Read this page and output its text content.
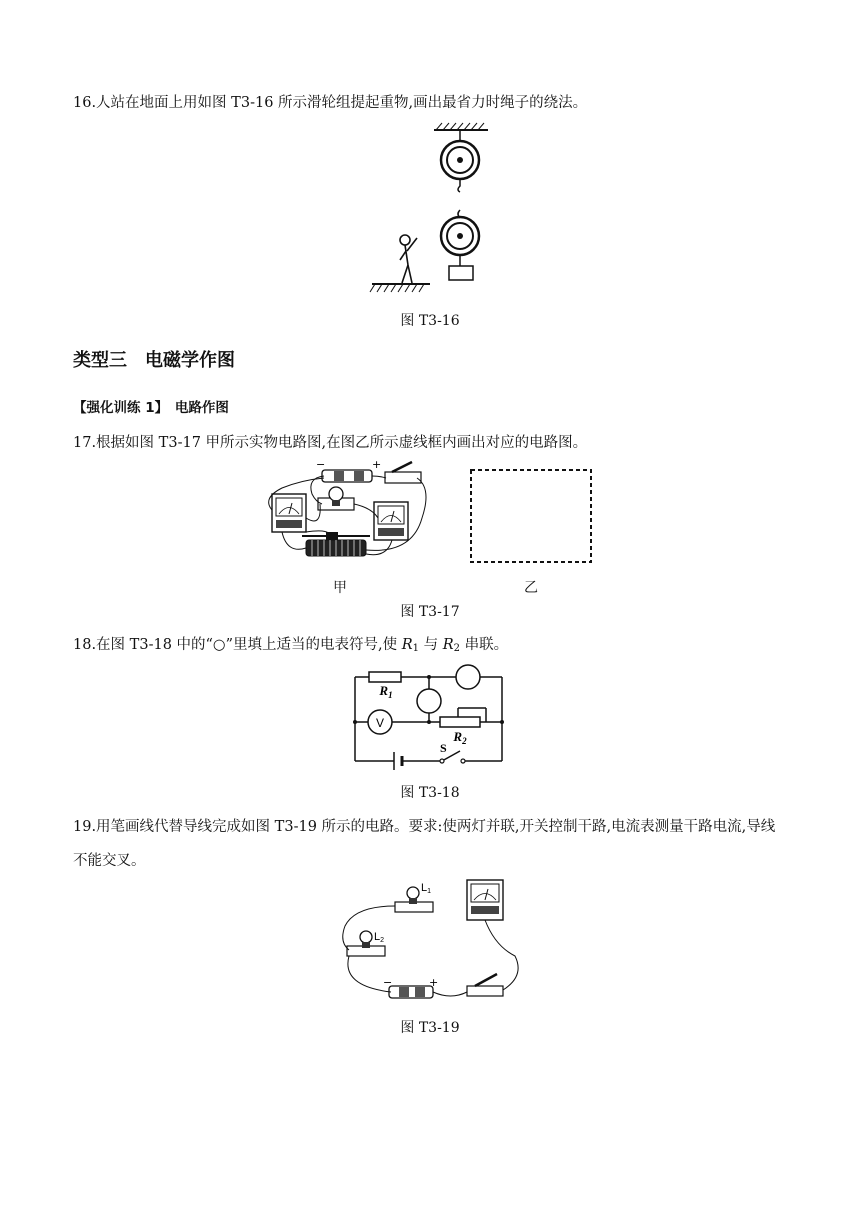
16.人站在地面上用如图 T3-16 所示滑轮组提起重物,画出最省力时绳子的绕法。
图 T3-16
类型三　电磁学作图
【强化训练 1】　电路作图
17.根据如图 T3-17 甲所示实物电路图,在图乙所示虚线框内画出对应的电路图。
−	+
甲	乙
图 T3-17
18.在图 T3-18 中的“○”里填上适当的电表符号,使 $R_1$ 与 $R_2$ 串联。
$R_1$
$R_2$
V
S
图 T3-18
19.用笔画线代替导线完成如图 T3-19 所示的电路。要求:使两灯并联,开关控制干路,电流表测量干路电流,导线
不能交叉。
L1
L2
−	+
图 T3-19
